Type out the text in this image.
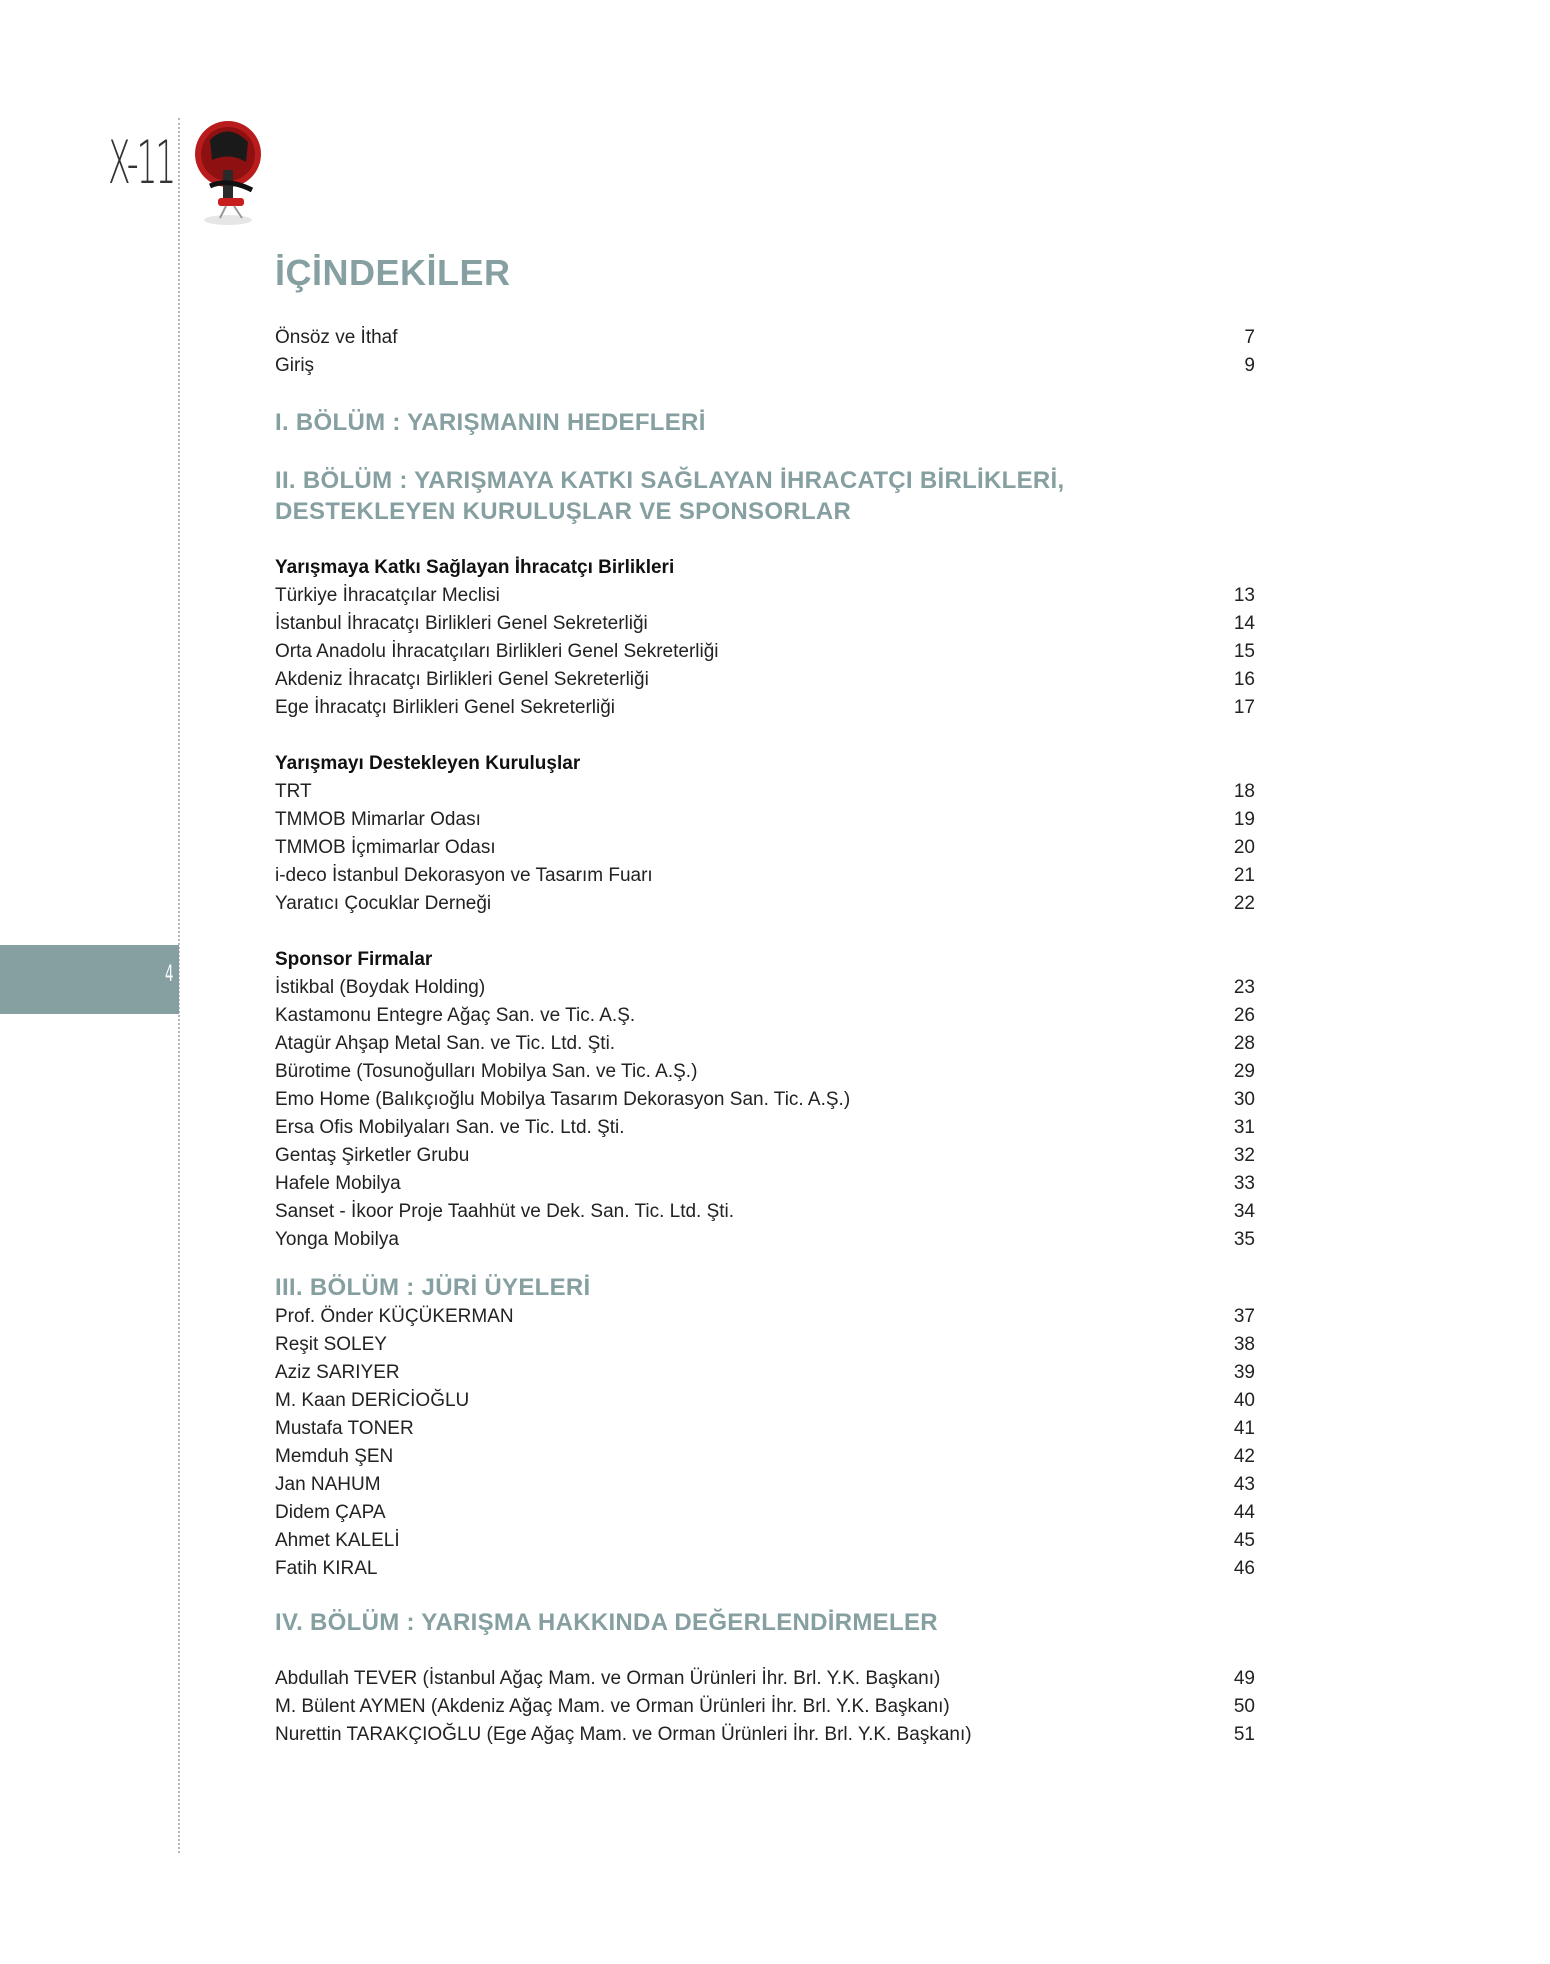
X-11
4
İÇİNDEKİLER
Önsöz ve İthaf	7
Giriş	9
I. BÖLÜM : YARIŞMANIN HEDEFLERİ
II. BÖLÜM : YARIŞMAYA KATKI SAĞLAYAN İHRACATÇI BİRLİKLERİ,
DESTEKLEYEN KURULUŞLAR VE SPONSORLAR
Yarışmaya Katkı Sağlayan İhracatçı Birlikleri
Türkiye İhracatçılar Meclisi	13
İstanbul İhracatçı Birlikleri Genel Sekreterliği	14
Orta Anadolu İhracatçıları Birlikleri Genel Sekreterliği	15
Akdeniz İhracatçı Birlikleri Genel Sekreterliği	16
Ege İhracatçı Birlikleri Genel Sekreterliği	17
Yarışmayı Destekleyen Kuruluşlar
TRT	18
TMMOB Mimarlar Odası	19
TMMOB İçmimarlar Odası	20
i-deco İstanbul Dekorasyon ve Tasarım Fuarı	21
Yaratıcı Çocuklar Derneği	22
Sponsor Firmalar
İstikbal (Boydak Holding)	23
Kastamonu Entegre Ağaç San. ve Tic. A.Ş.	26
Atagür Ahşap Metal San. ve Tic. Ltd. Şti.	28
Bürotime (Tosunoğulları Mobilya San. ve Tic. A.Ş.)	29
Emo Home (Balıkçıoğlu Mobilya Tasarım Dekorasyon San. Tic. A.Ş.)	30
Ersa Ofis Mobilyaları San. ve Tic. Ltd. Şti.	31
Gentaş Şirketler Grubu	32
Hafele Mobilya	33
Sanset - İkoor Proje Taahhüt ve Dek. San. Tic. Ltd. Şti.	34
Yonga Mobilya	35
III. BÖLÜM : JÜRİ ÜYELERİ
Prof. Önder KÜÇÜKERMAN	37
Reşit SOLEY	38
Aziz SARIYER	39
M. Kaan DERİCİOĞLU	40
Mustafa TONER	41
Memduh ŞEN	42
Jan NAHUM	43
Didem ÇAPA	44
Ahmet KALELİ	45
Fatih KIRAL	46
IV. BÖLÜM : YARIŞMA HAKKINDA DEĞERLENDİRMELER
Abdullah TEVER (İstanbul Ağaç Mam. ve Orman Ürünleri İhr. Brl. Y.K. Başkanı)	49
M. Bülent AYMEN (Akdeniz Ağaç Mam. ve Orman Ürünleri İhr. Brl. Y.K. Başkanı)	50
Nurettin TARAKÇIOĞLU (Ege Ağaç Mam. ve Orman Ürünleri İhr. Brl. Y.K. Başkanı)	51
